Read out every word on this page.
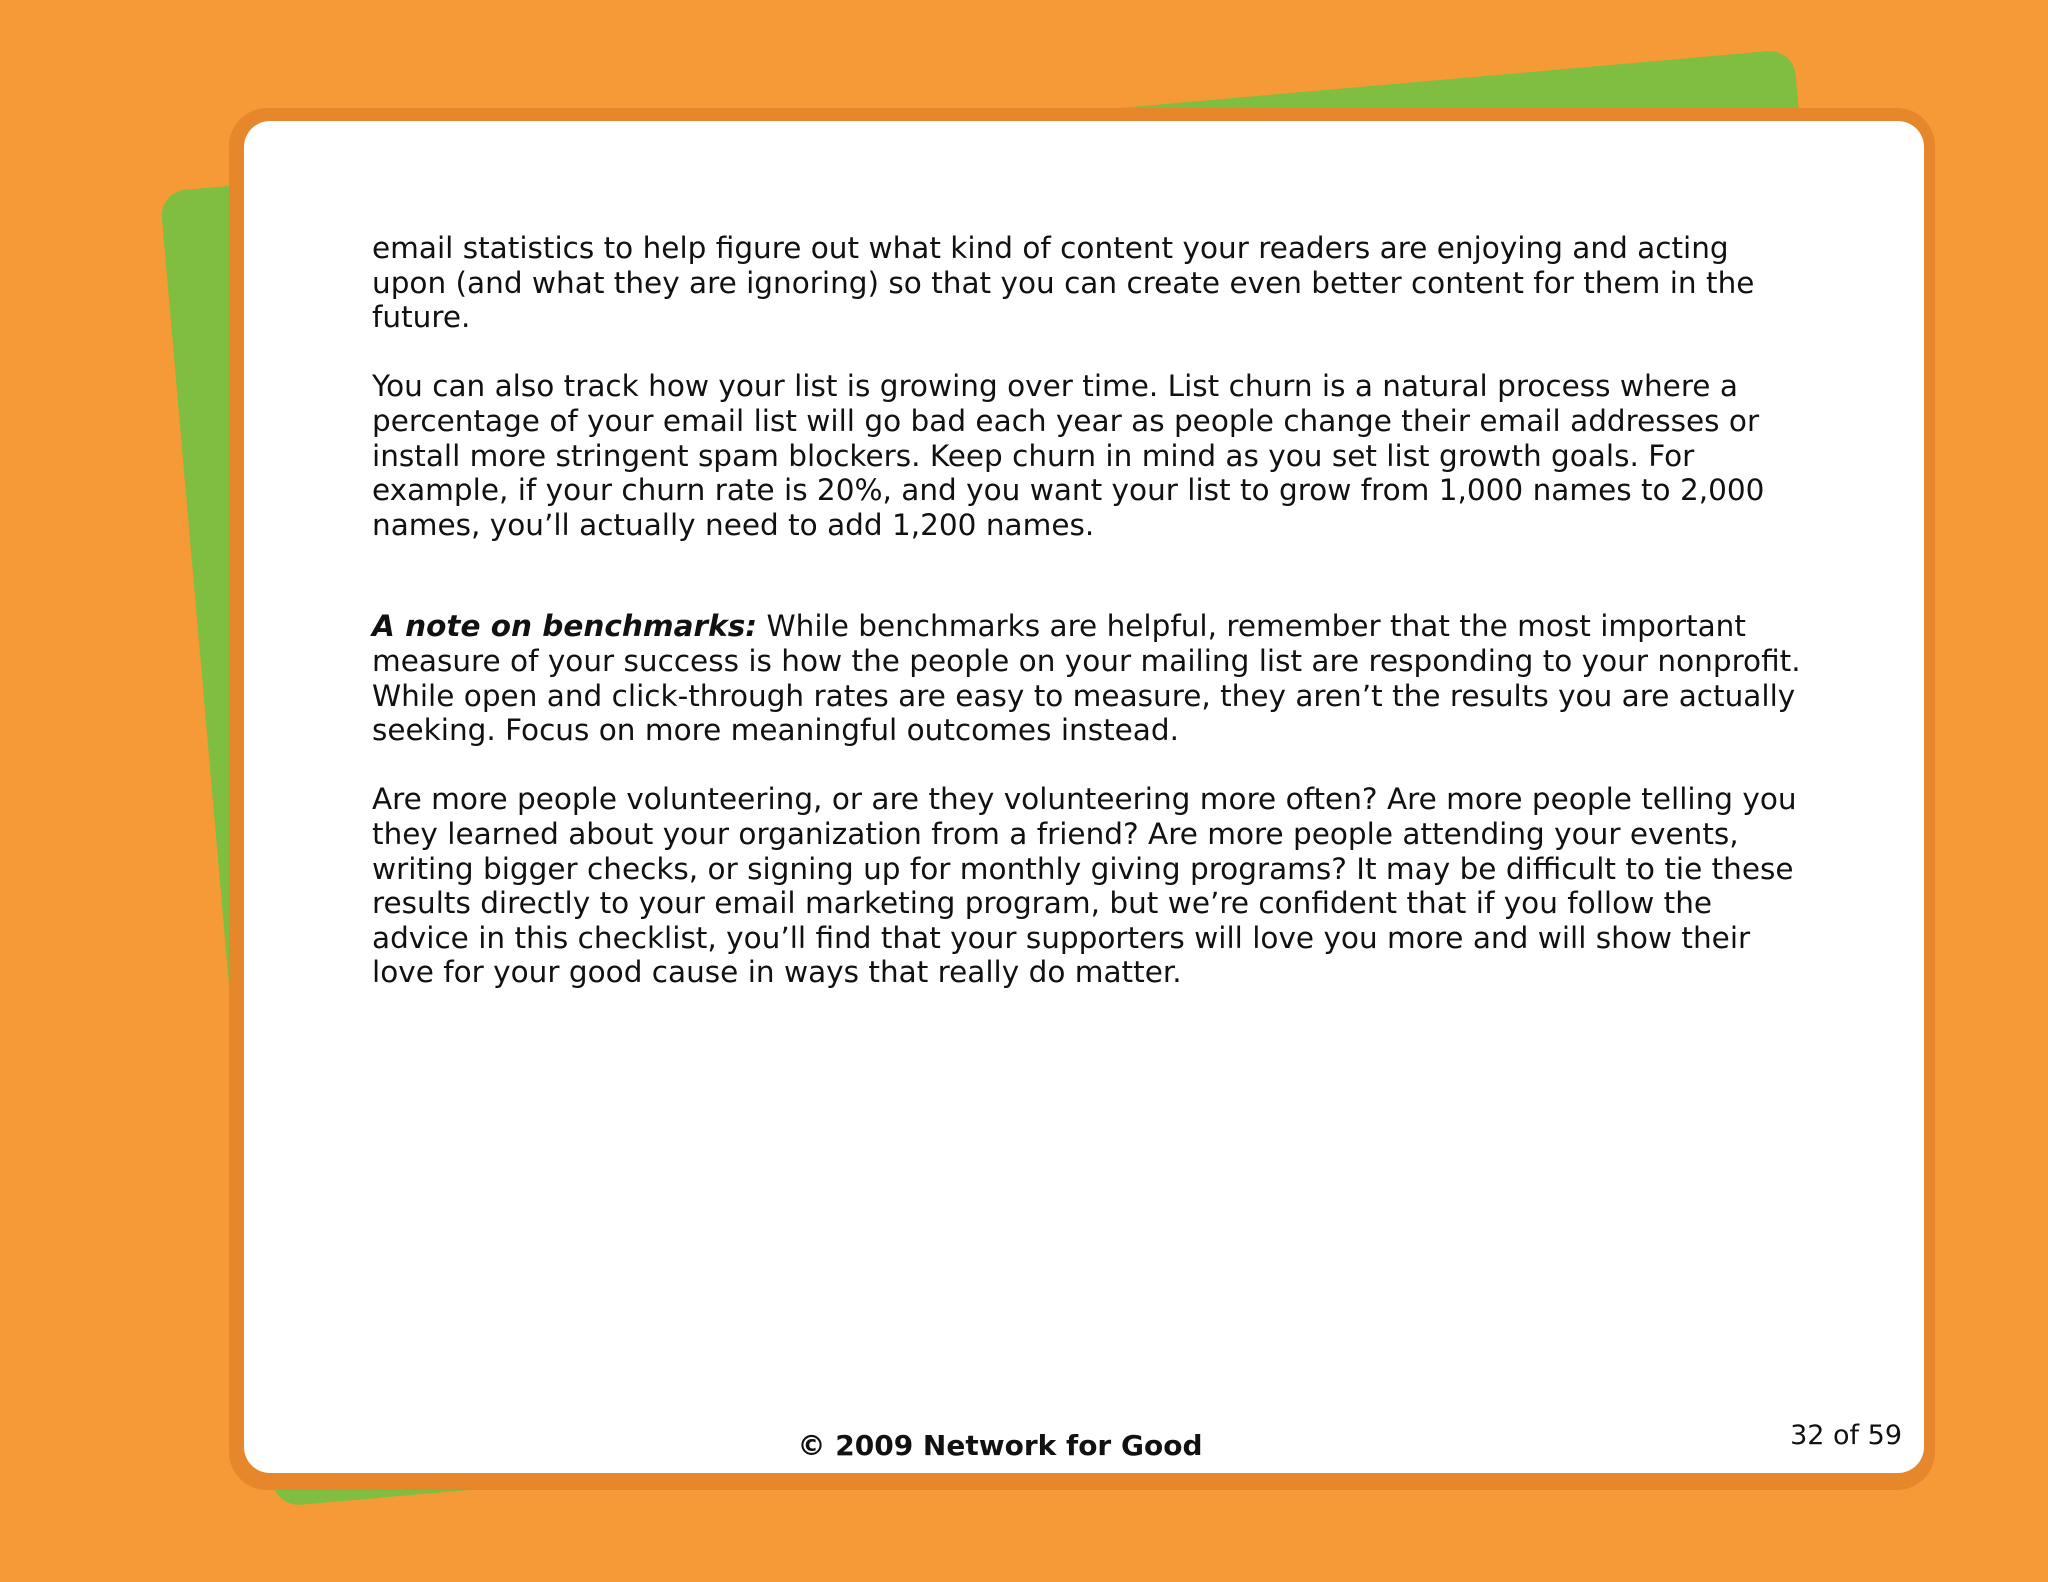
email statistics to help figure out what kind of content your readers are enjoying and acting
upon (and what they are ignoring) so that you can create even better content for them in the
future.

You can also track how your list is growing over time. List churn is a natural process where a
percentage of your email list will go bad each year as people change their email addresses or
install more stringent spam blockers. Keep churn in mind as you set list growth goals. For
example, if your churn rate is 20%, and you want your list to grow from 1,000 names to 2,000
names, you’ll actually need to add 1,200 names.

A note on benchmarks: While benchmarks are helpful, remember that the most important
measure of your success is how the people on your mailing list are responding to your nonprofit.
While open and click-through rates are easy to measure, they aren’t the results you are actually
seeking. Focus on more meaningful outcomes instead.

Are more people volunteering, or are they volunteering more often? Are more people telling you
they learned about your organization from a friend? Are more people attending your events,
writing bigger checks, or signing up for monthly giving programs? It may be difficult to tie these
results directly to your email marketing program, but we’re confident that if you follow the
advice in this checklist, you’ll find that your supporters will love you more and will show their
love for your good cause in ways that really do matter.

© 2009 Network for Good	32 of 59
